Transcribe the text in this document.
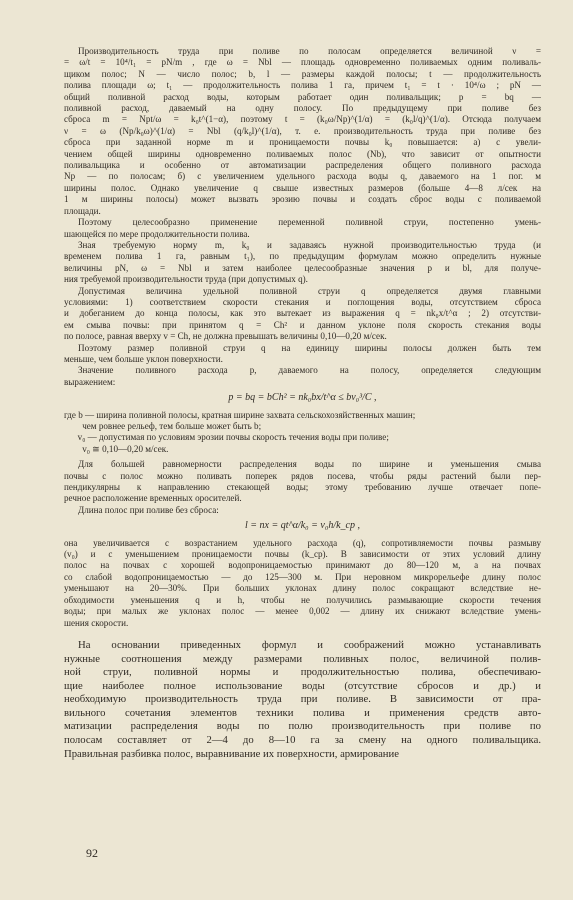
Производительность труда при поливе по полосам определяется величиной ν =
= ω/t = 10⁴/t₁ = pN/m , где ω = Nbl — площадь одновременно поливаемых одним поливаль-
щиком полос; N — число полос; b, l — размеры каждой полосы; t — продолжительность
полива площади ω; t₁ — продолжительность полива 1 га, причем t₁ = t · 10⁴/ω ; pN —
общий поливной расход воды, которым работает один поливальщик; p = bq —
поливной расход, даваемый на одну полосу. По предыдущему при поливе без
сброса m = Npt/ω = k₀t^(1−α), поэтому t = (k₀ω/Np)^(1/α) = (k₀l/q)^(1/α). Отсюда получаем
ν = ω (Np/k₀ω)^(1/α) = Nbl (q/k₀l)^(1/α), т. е. производительность труда при поливе без
сброса при заданной норме m и проницаемости почвы k₀ повышается: а) с увели-
чением общей ширины одновременно поливаемых полос (Nb), что зависит от опытности
поливальщика и особенно от автоматизации распределения общего поливного расхода
Np — по полосам; б) с увеличением удельного расхода воды q, даваемого на 1 пог. м
ширины полос. Однако увеличение q свыше известных размеров (больше 4—8 л/сек на
1 м ширины полосы) может вызвать эрозию почвы и создать сброс воды с поливаемой
площади.
Поэтому целесообразно применение переменной поливной струи, постепенно умень-
шающейся по мере продолжительности полива.
Зная требуемую норму m, k₀ и задаваясь нужной производительностью труда (и
временем полива 1 га, равным t₁), по предыдущим формулам можно определить нужные
величины pN, ω = Nbl и затем наиболее целесообразные значения p и bl, для получе-
ния требуемой производительности труда (при допустимых q).
Допустимая величина удельной поливной струи q определяется двумя главными
условиями: 1) соответствием скорости стекания и поглощения воды, отсутствием сброса
и добеганием до конца полосы, как это вытекает из выражения q = nk₀x/t^α ; 2) отсутстви-
ем смыва почвы: при принятом q = Ch² и данном уклоне поля скорость стекания воды
по полосе, равная вверху v = Ch, не должна превышать величины 0,10—0,20 м/сек.
Поэтому размер поливной струи q на единицу ширины полосы должен быть тем
меньше, чем больше уклон поверхности.
Значение поливного расхода p, даваемого на полосу, определяется следующим
выражением:
p = bq = bCh² = nk₀bx/t^α ≤ bv₀³/C ,
где b — ширина поливной полосы, кратная ширине захвата сельскохозяйственных машин;
чем ровнее рельеф, тем больше может быть b;
v₀ — допустимая по условиям эрозии почвы скорость течения воды при поливе;
v₀ ≅ 0,10—0,20 м/сек.
Для большей равномерности распределения воды по ширине и уменьшения смыва
почвы с полос можно поливать поперек рядов посева, чтобы ряды растений были пер-
пендикулярны к направлению стекающей воды; этому требованию лучше отвечает попе-
речное расположение временных оросителей.
Длина полос при поливе без сброса:
l = nx = qt^α/k₀ = v₀h/k_ср ,
она увеличивается с возрастанием удельного расхода (q), сопротивляемости почвы размыву
(v₀) и с уменьшением проницаемости почвы (k_ср). В зависимости от этих условий длину
полос на почвах с хорошей водопроницаемостью принимают до 80—120 м, а на почвах
со слабой водопроницаемостью — до 125—300 м. При неровном микрорельефе длину полос
уменьшают на 20—30%. При больших уклонах длину полос сокращают вследствие не-
обходимости уменьшения q и h, чтобы не получились размывающие скорости течения
воды; при малых же уклонах полос — менее 0,002 — длину их снижают вследствие умень-
шения скорости.
На основании приведенных формул и соображений можно устанавливать
нужные соотношения между размерами поливных полос, величиной полив-
ной струи, поливной нормы и продолжительностью полива, обеспечиваю-
щие наиболее полное использование воды (отсутствие сбросов и др.) и
необходимую производительность труда при поливе. В зависимости от пра-
вильного сочетания элементов техники полива и применения средств авто-
матизации распределения воды по полю производительность при поливе по
полосам составляет от 2—4 до 8—10 га за смену на одного поливальщика.
Правильная разбивка полос, выравнивание их поверхности, армирование
92
